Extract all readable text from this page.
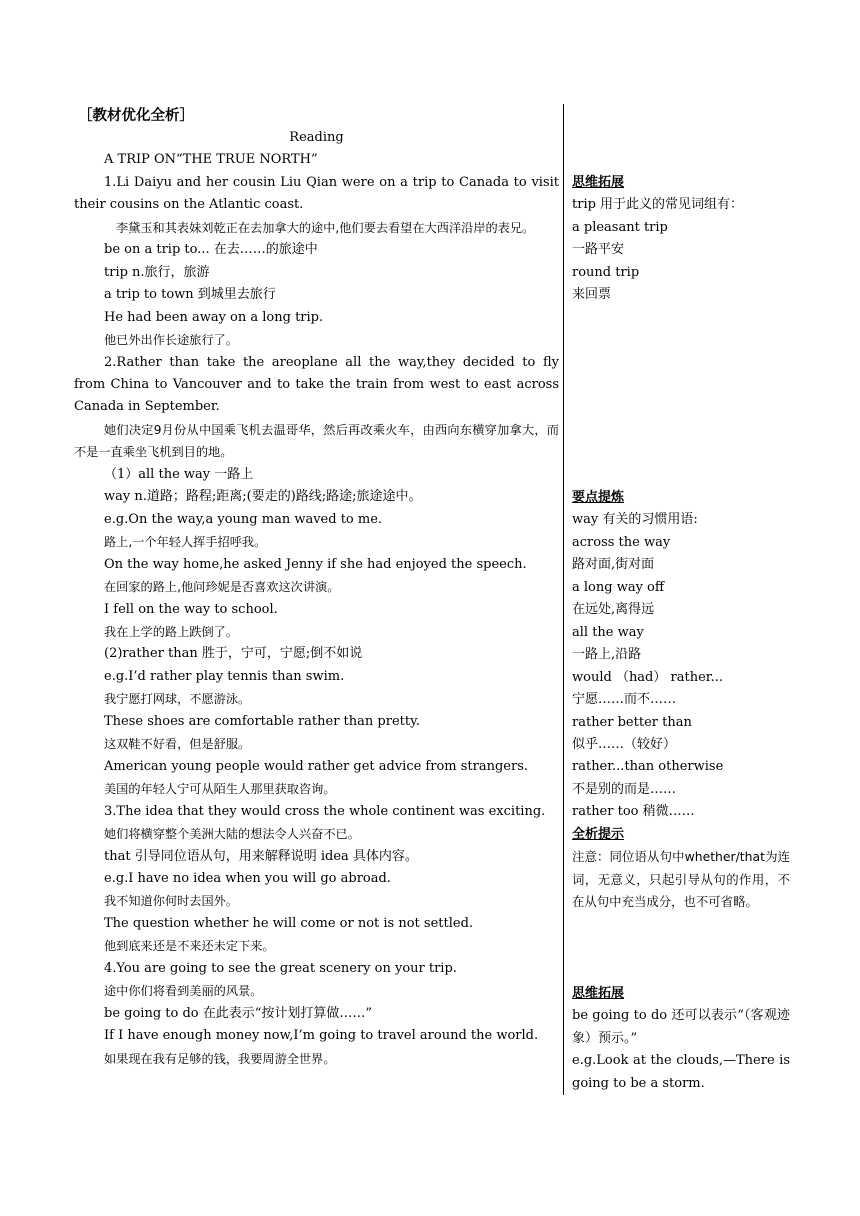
［教材优化全析］

Reading

A TRIP ON“THE TRUE NORTH”

1.Li Daiyu and her cousin Liu Qian were on a trip to Canada to visit their cousins on the Atlantic coast.

李黛玉和其表妹刘乾正在去加拿大的途中,他们要去看望在大西洋沿岸的表兄。

be on a trip to... 在去……的旅途中

trip n.旅行，旅游

a trip to town 到城里去旅行

He had been away on a long trip.

他已外出作长途旅行了。

2.Rather than take the areoplane all the way,they decided to fly from China to Vancouver and to take the train from west to east across Canada in September.

她们决定9月份从中国乘飞机去温哥华，然后再改乘火车，由西向东横穿加拿大，而不是一直乘坐飞机到目的地。

（1）all the way 一路上

way n.道路；路程;距离;(要走的)路线;路途;旅途途中。

e.g.On the way,a young man waved to me.

路上,一个年轻人挥手招呼我。

On the way home,he asked Jenny if she had enjoyed the speech.

在回家的路上,他问珍妮是否喜欢这次讲演。

I fell on the way to school.

我在上学的路上跌倒了。

(2)rather than 胜于，宁可，宁愿;倒不如说

e.g.I’d rather play tennis than swim.

我宁愿打网球，不愿游泳。

These shoes are comfortable rather than pretty.

这双鞋不好看，但是舒服。

American young people would rather get advice from strangers.

美国的年轻人宁可从陌生人那里获取咨询。

3.The idea that they would cross the whole continent was exciting.

她们将横穿整个美洲大陆的想法令人兴奋不已。

that 引导同位语从句，用来解释说明 idea 具体内容。

e.g.I have no idea when you will go abroad.

我不知道你何时去国外。

The question whether he will come or not is not settled.

他到底来还是不来还未定下来。

4.You are going to see the great scenery on your trip.

途中你们将看到美丽的风景。

be going to do 在此表示“按计划打算做……”

If I have enough money now,I’m going to travel around the world.

如果现在我有足够的钱，我要周游全世界。

思维拓展

trip 用于此义的常见词组有：

a pleasant trip

一路平安

round trip

来回票

要点提炼

way 有关的习惯用语:

across the way

路对面,街对面

a long way off

在远处,离得远

all the way

一路上,沿路

would （had） rather...

宁愿……而不……

rather better than

似乎……（较好）

rather...than otherwise

不是别的而是……

rather too 稍微……

全析提示

注意：同位语从句中whether/that为连词，无意义，只起引导从句的作用，不在从句中充当成分，也不可省略。

思维拓展

be going to do 还可以表示“（客观迹象）预示。”

e.g.Look at the clouds,—There is going to be a storm.
